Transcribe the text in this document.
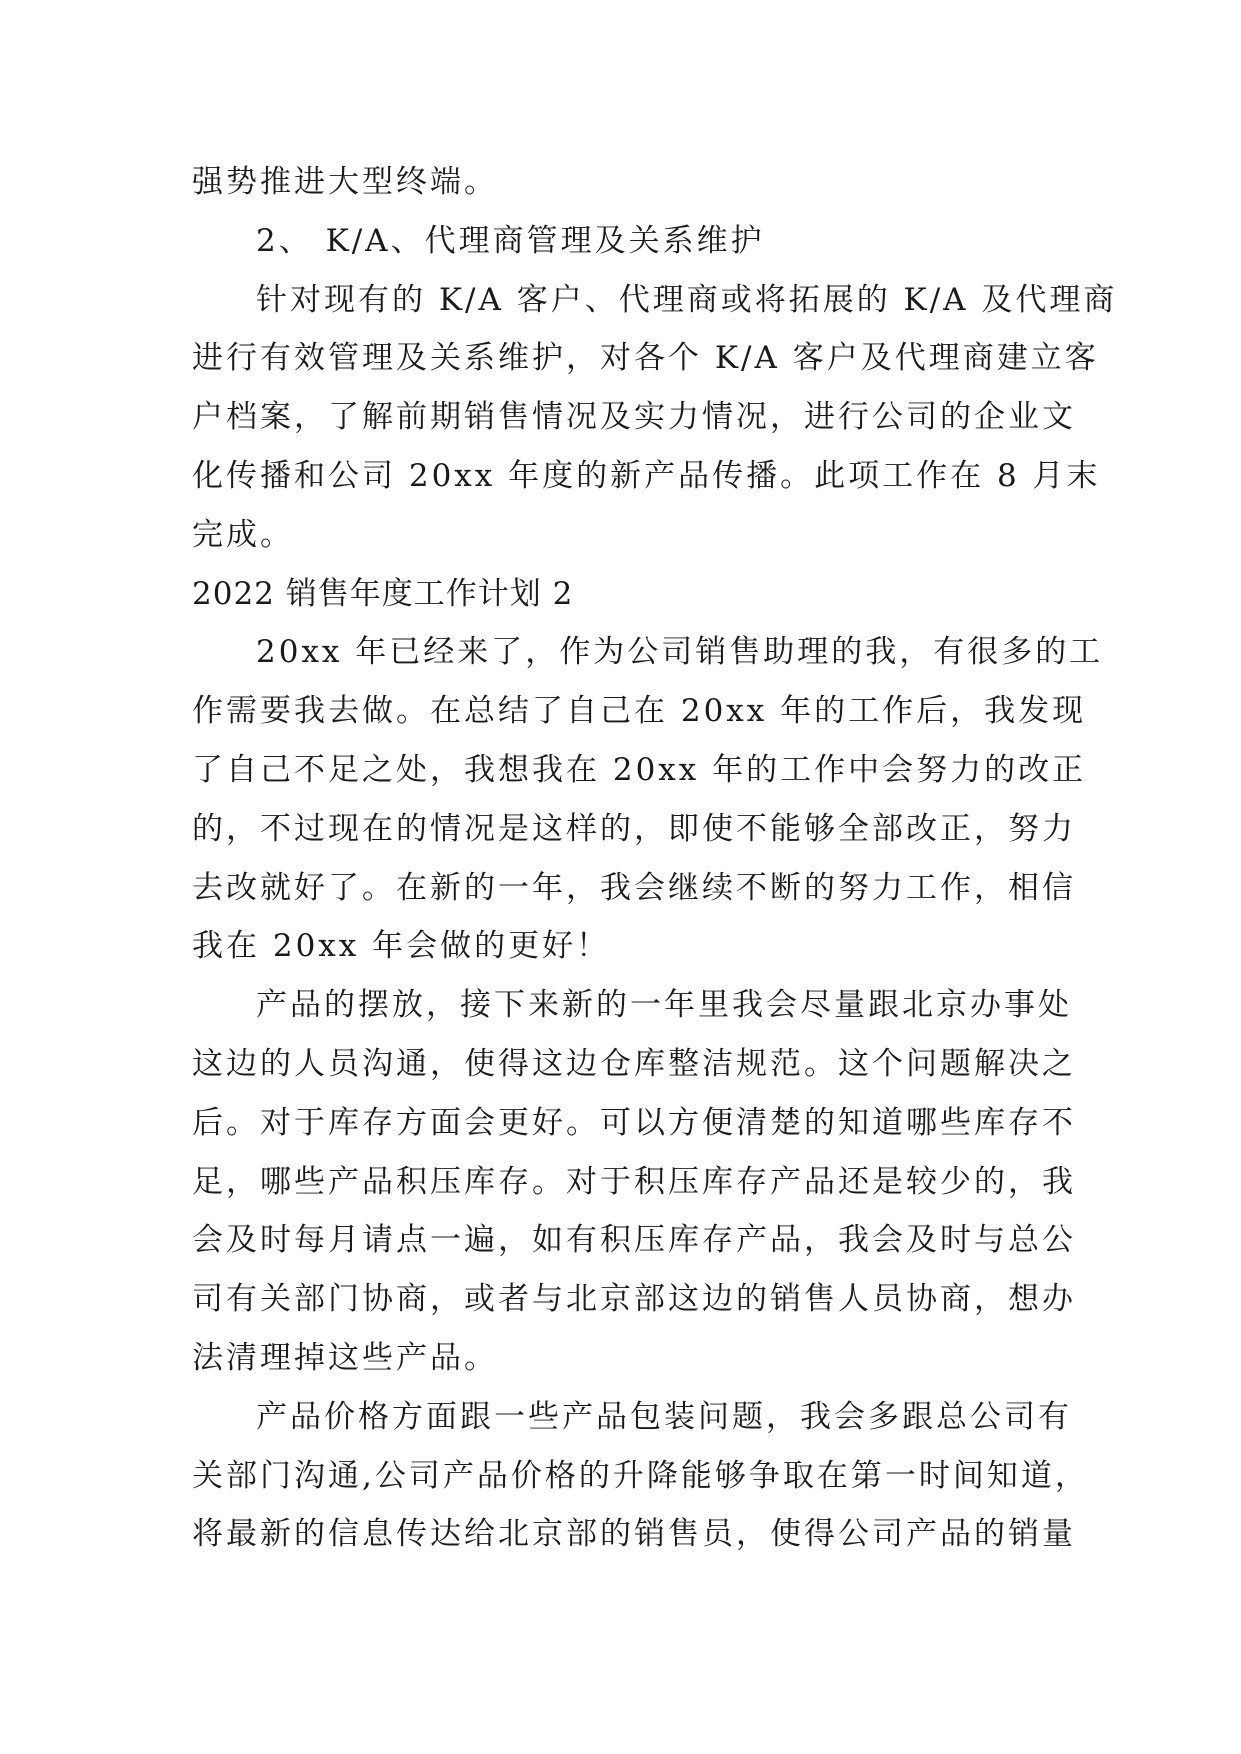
强势推进大型终端。
2、 K/A、代理商管理及关系维护
针对现有的 K/A 客户、代理商或将拓展的 K/A 及代理商
进行有效管理及关系维护，对各个 K/A 客户及代理商建立客
户档案，了解前期销售情况及实力情况，进行公司的企业文
化传播和公司 20xx 年度的新产品传播。此项工作在 8 月末
完成。
2022 销售年度工作计划 2
20xx 年已经来了，作为公司销售助理的我，有很多的工
作需要我去做。在总结了自己在 20xx 年的工作后，我发现
了自己不足之处，我想我在 20xx 年的工作中会努力的改正
的，不过现在的情况是这样的，即使不能够全部改正，努力
去改就好了。在新的一年，我会继续不断的努力工作，相信
我在 20xx 年会做的更好！
产品的摆放，接下来新的一年里我会尽量跟北京办事处
这边的人员沟通，使得这边仓库整洁规范。这个问题解决之
后。对于库存方面会更好。可以方便清楚的知道哪些库存不
足，哪些产品积压库存。对于积压库存产品还是较少的，我
会及时每月请点一遍，如有积压库存产品，我会及时与总公
司有关部门协商，或者与北京部这边的销售人员协商，想办
法清理掉这些产品。
产品价格方面跟一些产品包装问题，我会多跟总公司有
关部门沟通,公司产品价格的升降能够争取在第一时间知道，
将最新的信息传达给北京部的销售员，使得公司产品的销量
